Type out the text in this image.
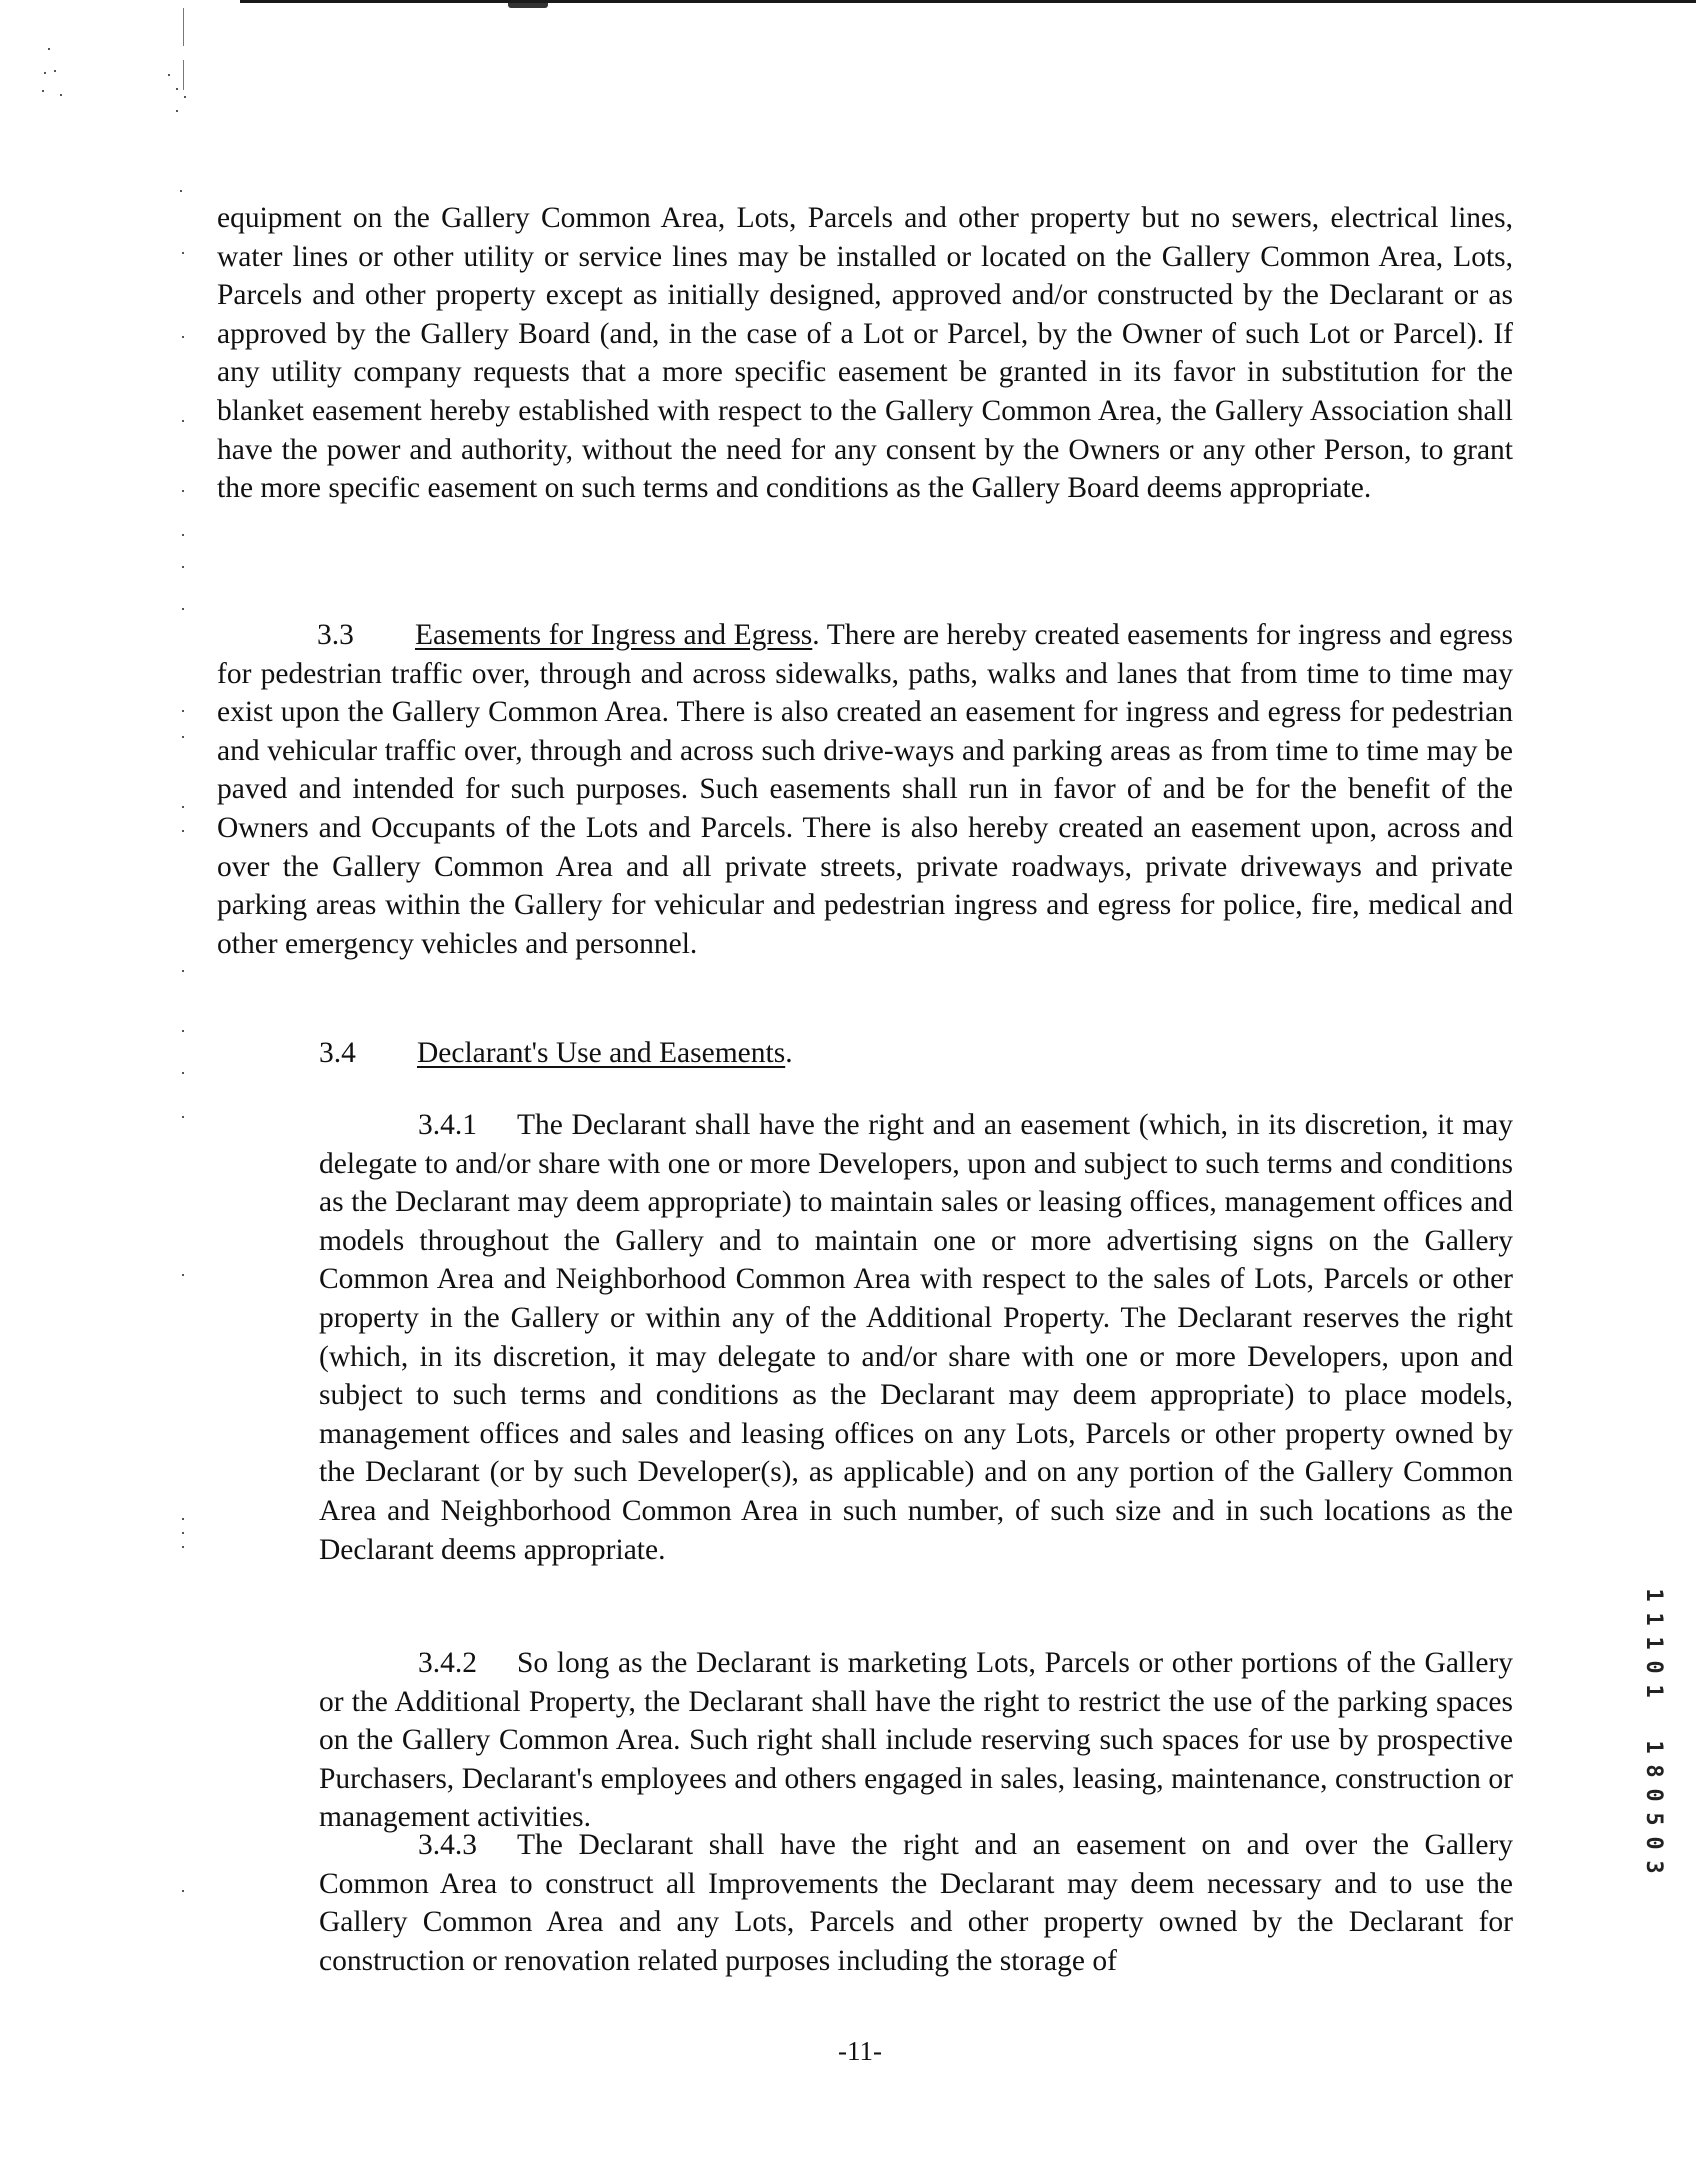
equipment on the Gallery Common Area, Lots, Parcels and other property but no sewers, electrical lines, water lines or other utility or service lines may be installed or located on the Gallery Common Area, Lots, Parcels and other property except as initially designed, approved and/or constructed by the Declarant or as approved by the Gallery Board (and, in the case of a Lot or Parcel, by the Owner of such Lot or Parcel). If any utility company requests that a more specific easement be granted in its favor in substitution for the blanket easement hereby established with respect to the Gallery Common Area, the Gallery Association shall have the power and authority, without the need for any consent by the Owners or any other Person, to grant the more specific easement on such terms and conditions as the Gallery Board deems appropriate.

3.3 Easements for Ingress and Egress. There are hereby created easements for ingress and egress for pedestrian traffic over, through and across sidewalks, paths, walks and lanes that from time to time may exist upon the Gallery Common Area. There is also created an easement for ingress and egress for pedestrian and vehicular traffic over, through and across such drive-ways and parking areas as from time to time may be paved and intended for such purposes. Such easements shall run in favor of and be for the benefit of the Owners and Occupants of the Lots and Parcels. There is also hereby created an easement upon, across and over the Gallery Common Area and all private streets, private roadways, private driveways and private parking areas within the Gallery for vehicular and pedestrian ingress and egress for police, fire, medical and other emergency vehicles and personnel.

3.4 Declarant's Use and Easements.

3.4.1 The Declarant shall have the right and an easement (which, in its discretion, it may delegate to and/or share with one or more Developers, upon and subject to such terms and conditions as the Declarant may deem appropriate) to maintain sales or leasing offices, management offices and models throughout the Gallery and to maintain one or more advertising signs on the Gallery Common Area and Neighborhood Common Area with respect to the sales of Lots, Parcels or other property in the Gallery or within any of the Additional Property. The Declarant reserves the right (which, in its discretion, it may delegate to and/or share with one or more Developers, upon and subject to such terms and conditions as the Declarant may deem appropriate) to place models, management offices and sales and leasing offices on any Lots, Parcels or other property owned by the Declarant (or by such Developer(s), as applicable) and on any portion of the Gallery Common Area and Neighborhood Common Area in such number, of such size and in such locations as the Declarant deems appropriate.

3.4.2 So long as the Declarant is marketing Lots, Parcels or other portions of the Gallery or the Additional Property, the Declarant shall have the right to restrict the use of the parking spaces on the Gallery Common Area. Such right shall include reserving such spaces for use by prospective Purchasers, Declarant's employees and others engaged in sales, leasing, maintenance, construction or management activities.

3.4.3 The Declarant shall have the right and an easement on and over the Gallery Common Area to construct all Improvements the Declarant may deem necessary and to use the Gallery Common Area and any Lots, Parcels and other property owned by the Declarant for construction or renovation related purposes including the storage of

-11-

1
1
1
0
1
1
8
0
5
0
3
